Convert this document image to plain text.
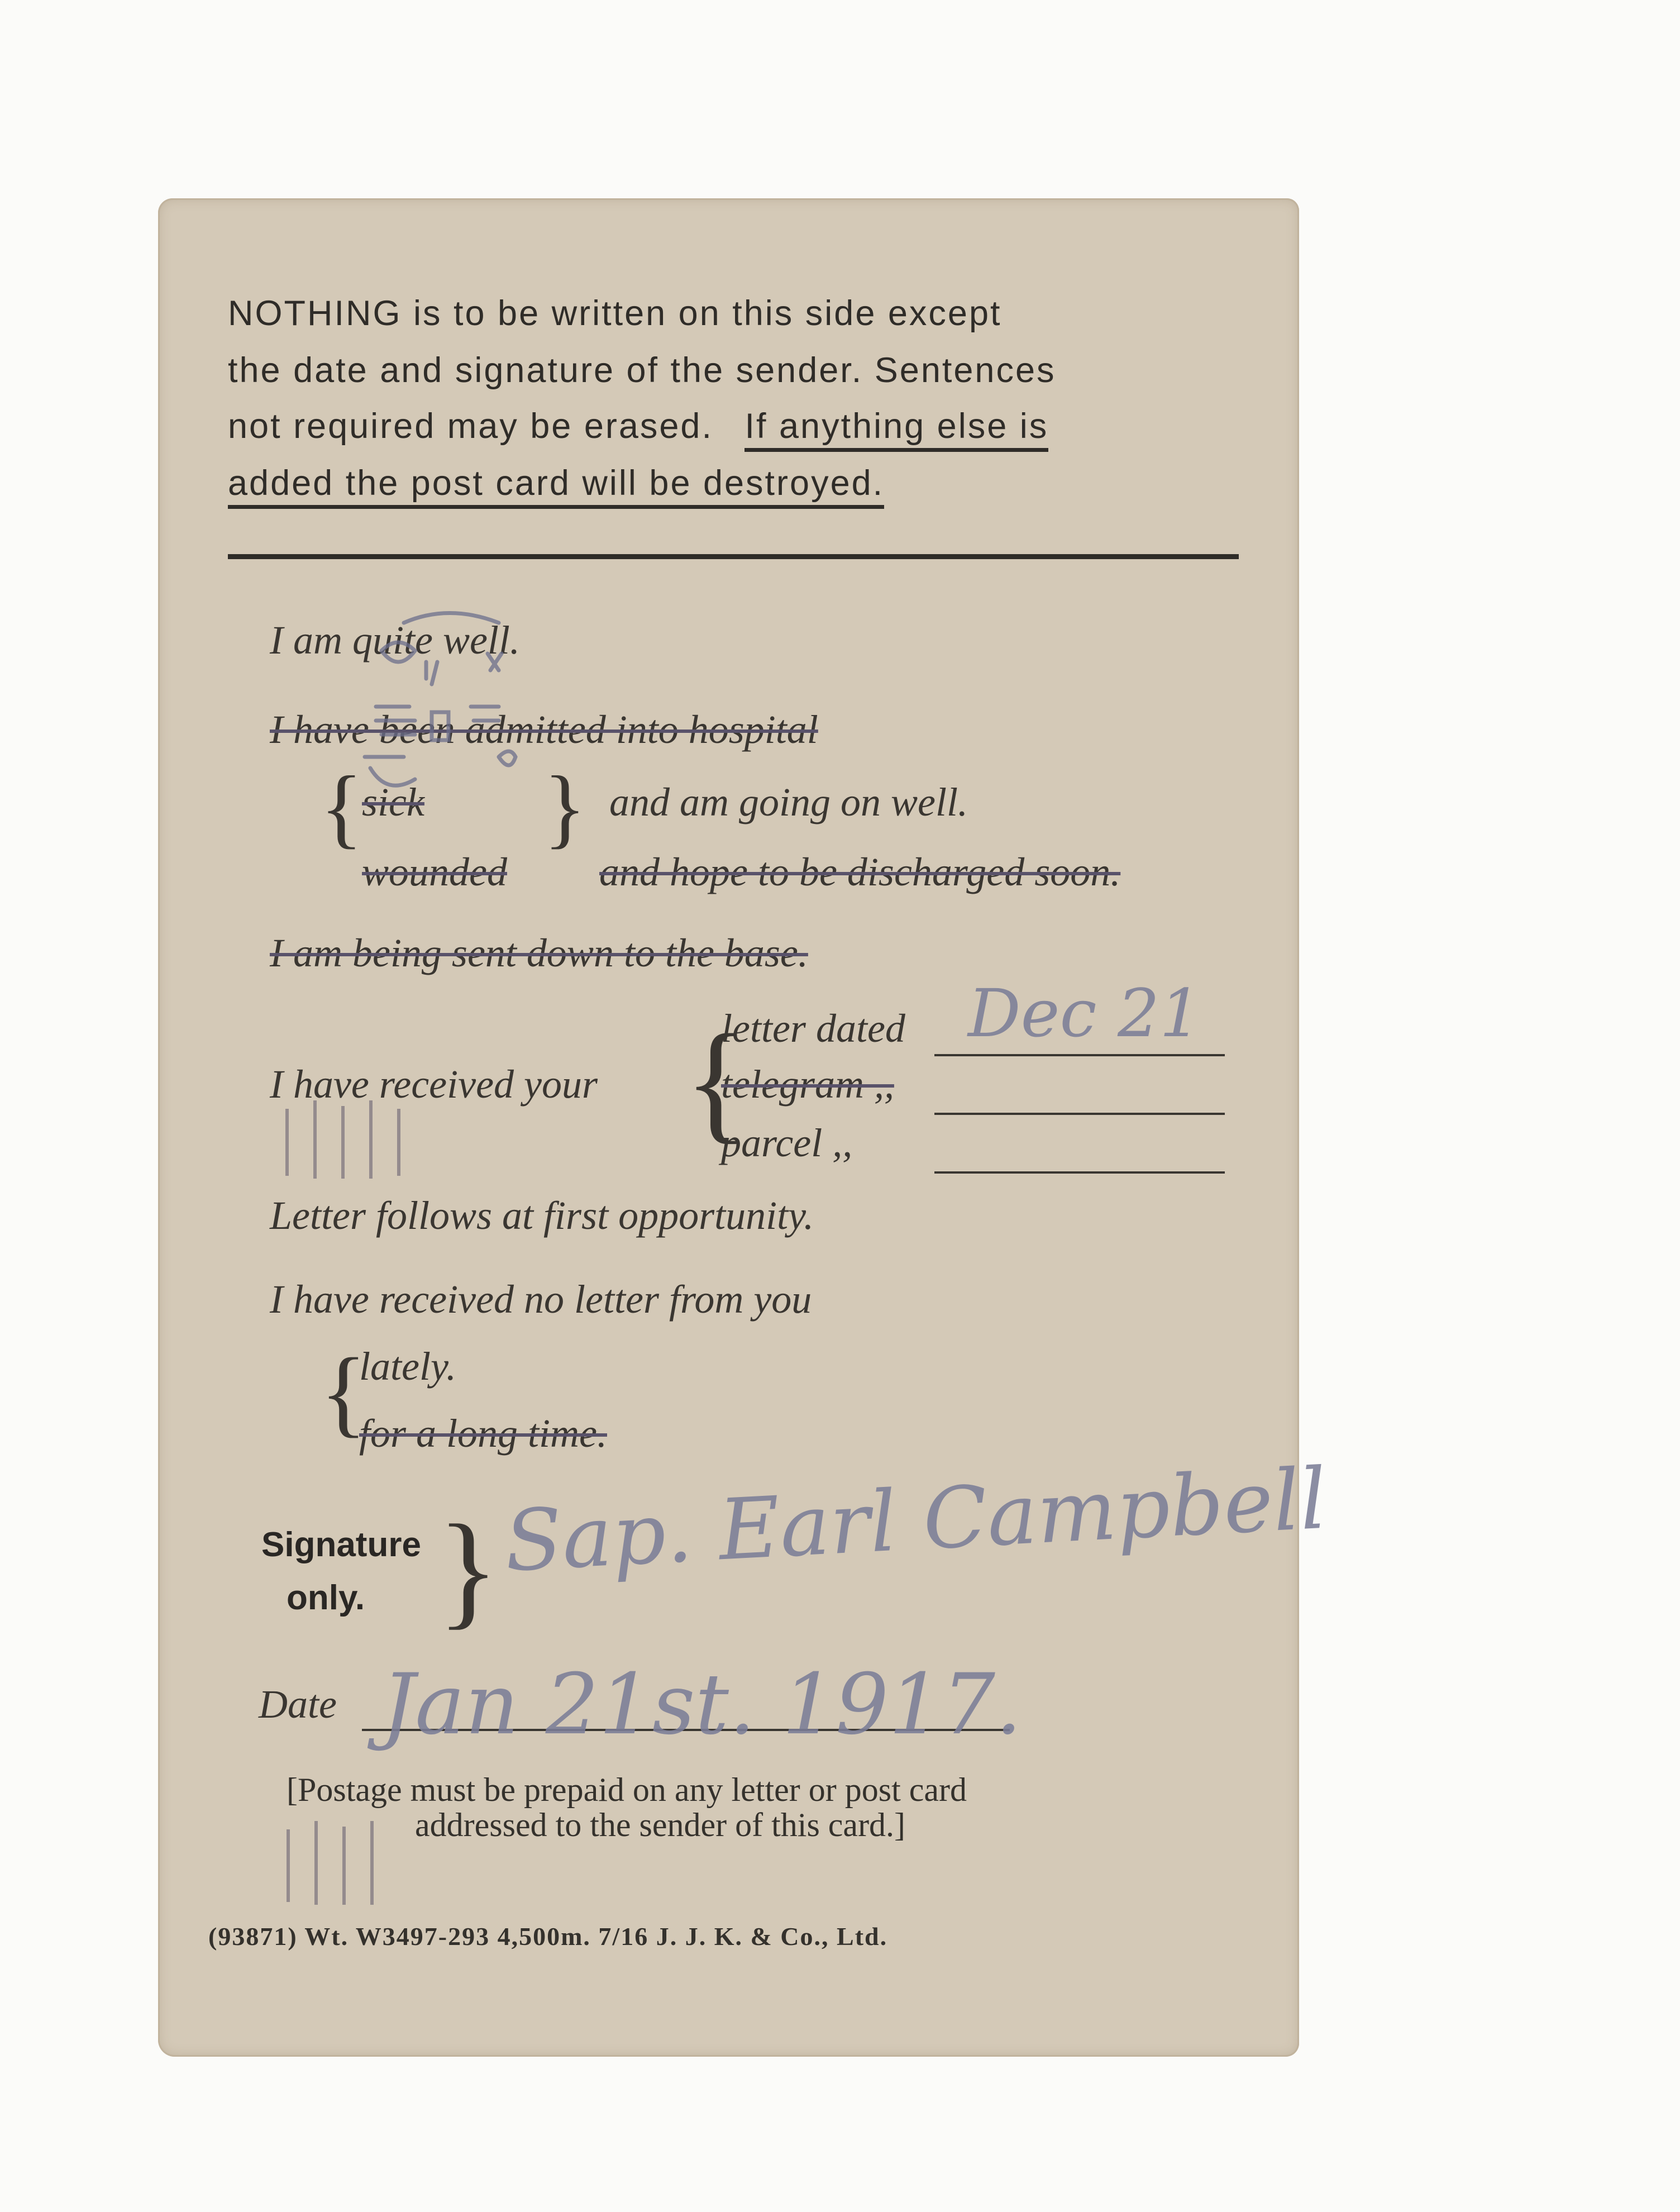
NOTHING is to be written on this side except
the date and signature of the sender. Sentences
not required may be erased. If anything else is
added the post card will be destroyed.
I am quite well.
I have been admitted into hospital
{
sick
wounded
} and am going on well.
and hope to be discharged soon.
I am being sent down to the base.
I have received your {
letter dated
telegram ,,
parcel ,,
Dec 21
Letter follows at first opportunity.
I have received no letter from you
{
lately.
for a long time.
Signature
only. } Sap. Earl Campbell
Date Jan 21st. 1917.
[Postage must be prepaid on any letter or post card
addressed to the sender of this card.]
(93871) Wt. W3497-293 4,500m. 7/16 J. J. K. & Co., Ltd.
